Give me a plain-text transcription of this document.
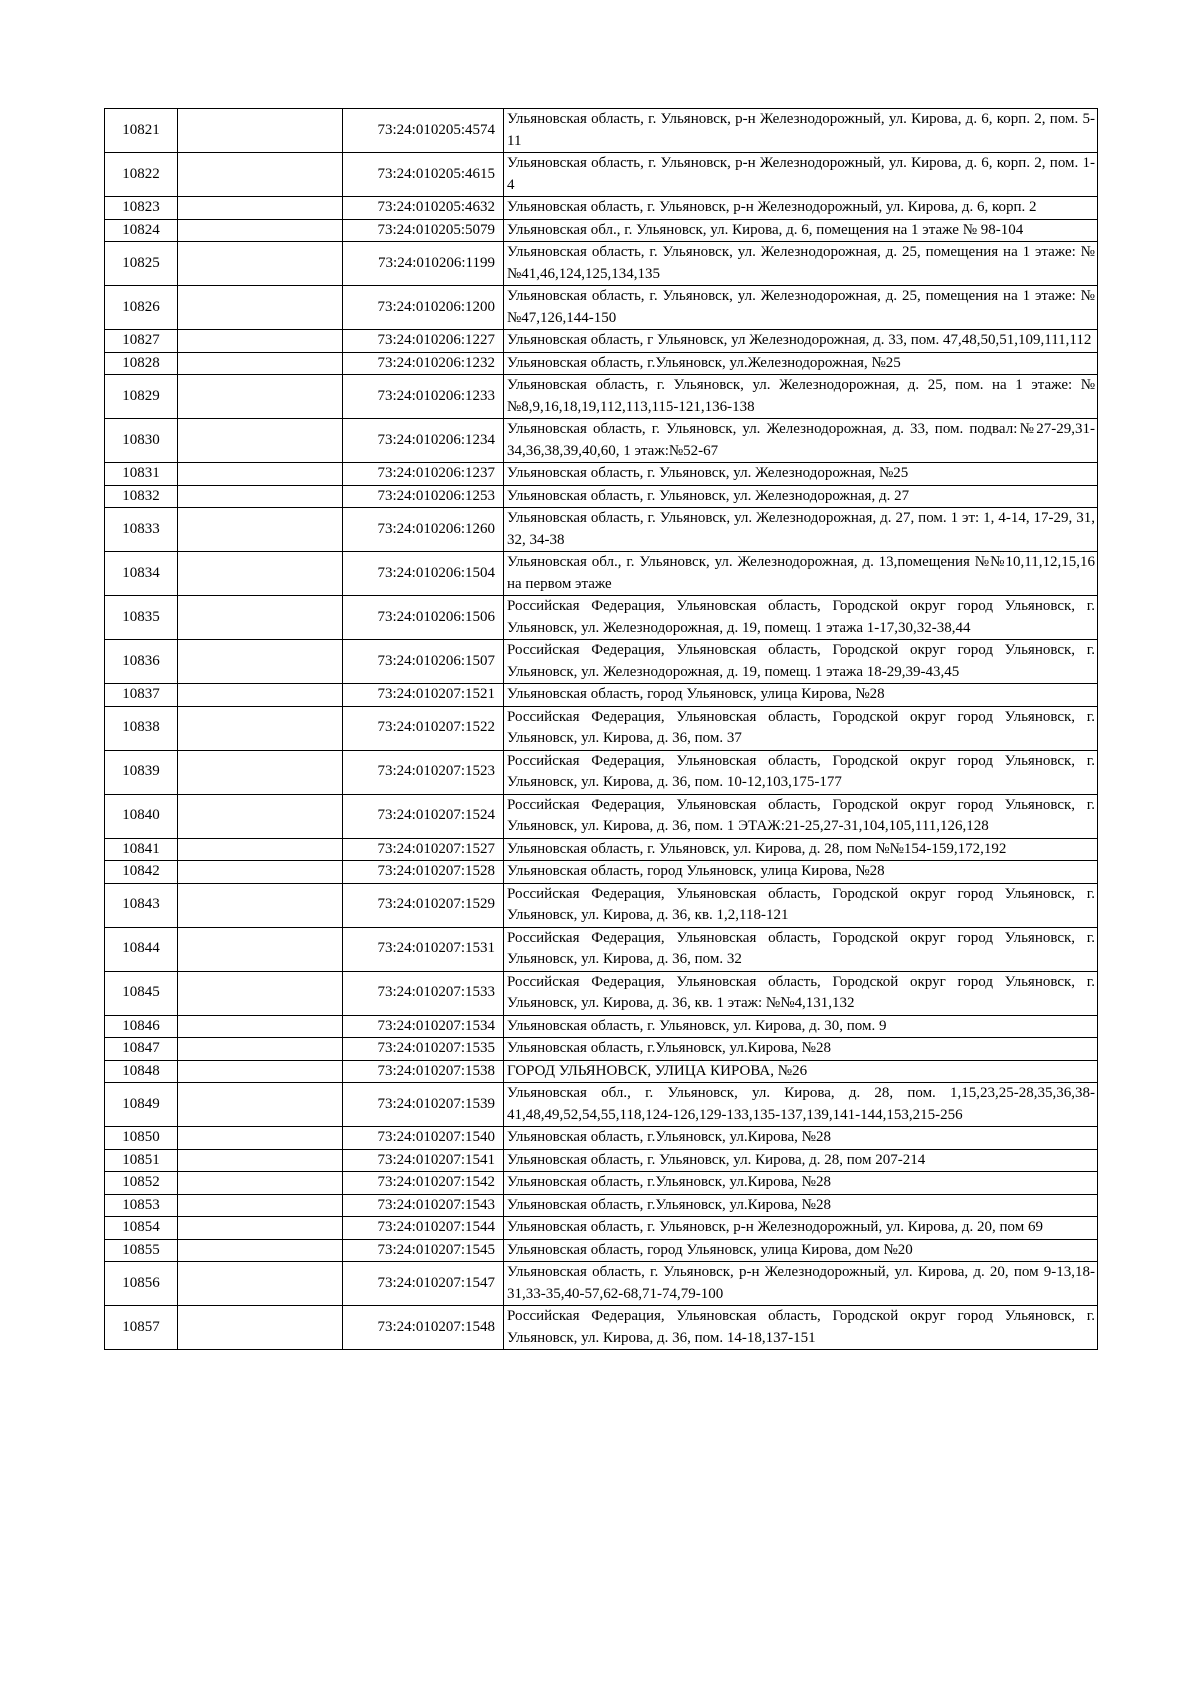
10821		73:24:010205:4574	Ульяновская область, г. Ульяновск, р-н Железнодорожный, ул. Кирова, д. 6, корп. 2, пом. 5-11
10822		73:24:010205:4615	Ульяновская область, г. Ульяновск, р-н Железнодорожный, ул. Кирова, д. 6, корп. 2, пом. 1-4
10823		73:24:010205:4632	Ульяновская область, г. Ульяновск, р-н Железнодорожный, ул. Кирова, д. 6, корп. 2
10824		73:24:010205:5079	Ульяновская обл., г. Ульяновск, ул. Кирова, д. 6, помещения на 1 этаже № 98-104
10825		73:24:010206:1199	Ульяновская область, г. Ульяновск, ул. Железнодорожная, д. 25, помещения на 1 этаже: №№41,46,124,125,134,135
10826		73:24:010206:1200	Ульяновская область, г. Ульяновск, ул. Железнодорожная, д. 25, помещения на 1 этаже: №№47,126,144-150
10827		73:24:010206:1227	Ульяновская область, г Ульяновск, ул Железнодорожная, д. 33, пом. 47,48,50,51,109,111,112
10828		73:24:010206:1232	Ульяновская область, г.Ульяновск, ул.Железнодорожная, №25
10829		73:24:010206:1233	Ульяновская область, г. Ульяновск, ул. Железнодорожная, д. 25, пом. на 1 этаже: №№8,9,16,18,19,112,113,115-121,136-138
10830		73:24:010206:1234	Ульяновская область, г. Ульяновск, ул. Железнодорожная, д. 33, пом. подвал:№27-29,31-34,36,38,39,40,60, 1 этаж:№52-67
10831		73:24:010206:1237	Ульяновская область, г. Ульяновск, ул. Железнодорожная, №25
10832		73:24:010206:1253	Ульяновская область, г. Ульяновск, ул. Железнодорожная, д. 27
10833		73:24:010206:1260	Ульяновская область, г. Ульяновск, ул. Железнодорожная, д. 27, пом. 1 эт: 1, 4-14, 17-29, 31, 32, 34-38
10834		73:24:010206:1504	Ульяновская обл., г. Ульяновск, ул. Железнодорожная, д. 13,помещения №№10,11,12,15,16 на первом этаже
10835		73:24:010206:1506	Российская Федерация, Ульяновская область, Городской округ город Ульяновск, г. Ульяновск, ул. Железнодорожная, д. 19, помещ. 1 этажа 1-17,30,32-38,44
10836		73:24:010206:1507	Российская Федерация, Ульяновская область, Городской округ город Ульяновск, г. Ульяновск, ул. Железнодорожная, д. 19, помещ. 1 этажа 18-29,39-43,45
10837		73:24:010207:1521	Ульяновская область, город Ульяновск, улица Кирова, №28
10838		73:24:010207:1522	Российская Федерация, Ульяновская область, Городской округ город Ульяновск, г. Ульяновск, ул. Кирова, д. 36, пом. 37
10839		73:24:010207:1523	Российская Федерация, Ульяновская область, Городской округ город Ульяновск, г. Ульяновск, ул. Кирова, д. 36, пом. 10-12,103,175-177
10840		73:24:010207:1524	Российская Федерация, Ульяновская область, Городской округ город Ульяновск, г. Ульяновск, ул. Кирова, д. 36, пом. 1 ЭТАЖ:21-25,27-31,104,105,111,126,128
10841		73:24:010207:1527	Ульяновская область, г. Ульяновск, ул. Кирова, д. 28, пом №№154-159,172,192
10842		73:24:010207:1528	Ульяновская область, город Ульяновск, улица Кирова, №28
10843		73:24:010207:1529	Российская Федерация, Ульяновская область, Городской округ город Ульяновск, г. Ульяновск, ул. Кирова, д. 36, кв. 1,2,118-121
10844		73:24:010207:1531	Российская Федерация, Ульяновская область, Городской округ город Ульяновск, г. Ульяновск, ул. Кирова, д. 36, пом. 32
10845		73:24:010207:1533	Российская Федерация, Ульяновская область, Городской округ город Ульяновск, г. Ульяновск, ул. Кирова, д. 36, кв. 1 этаж: №№4,131,132
10846		73:24:010207:1534	Ульяновская область, г. Ульяновск, ул. Кирова, д. 30, пом. 9
10847		73:24:010207:1535	Ульяновская область, г.Ульяновск, ул.Кирова, №28
10848		73:24:010207:1538	ГОРОД УЛЬЯНОВСК, УЛИЦА КИРОВА, №26
10849		73:24:010207:1539	Ульяновская обл., г. Ульяновск, ул. Кирова, д. 28, пом. 1,15,23,25-28,35,36,38-41,48,49,52,54,55,118,124-126,129-133,135-137,139,141-144,153,215-256
10850		73:24:010207:1540	Ульяновская область, г.Ульяновск, ул.Кирова, №28
10851		73:24:010207:1541	Ульяновская область, г. Ульяновск, ул. Кирова, д. 28, пом 207-214
10852		73:24:010207:1542	Ульяновская область, г.Ульяновск, ул.Кирова, №28
10853		73:24:010207:1543	Ульяновская область, г.Ульяновск, ул.Кирова, №28
10854		73:24:010207:1544	Ульяновская область, г. Ульяновск, р-н Железнодорожный, ул. Кирова, д. 20, пом 69
10855		73:24:010207:1545	Ульяновская область, город Ульяновск, улица Кирова, дом №20
10856		73:24:010207:1547	Ульяновская область, г. Ульяновск, р-н Железнодорожный, ул. Кирова, д. 20, пом 9-13,18-31,33-35,40-57,62-68,71-74,79-100
10857		73:24:010207:1548	Российская Федерация, Ульяновская область, Городской округ город Ульяновск, г. Ульяновск, ул. Кирова, д. 36, пом. 14-18,137-151
